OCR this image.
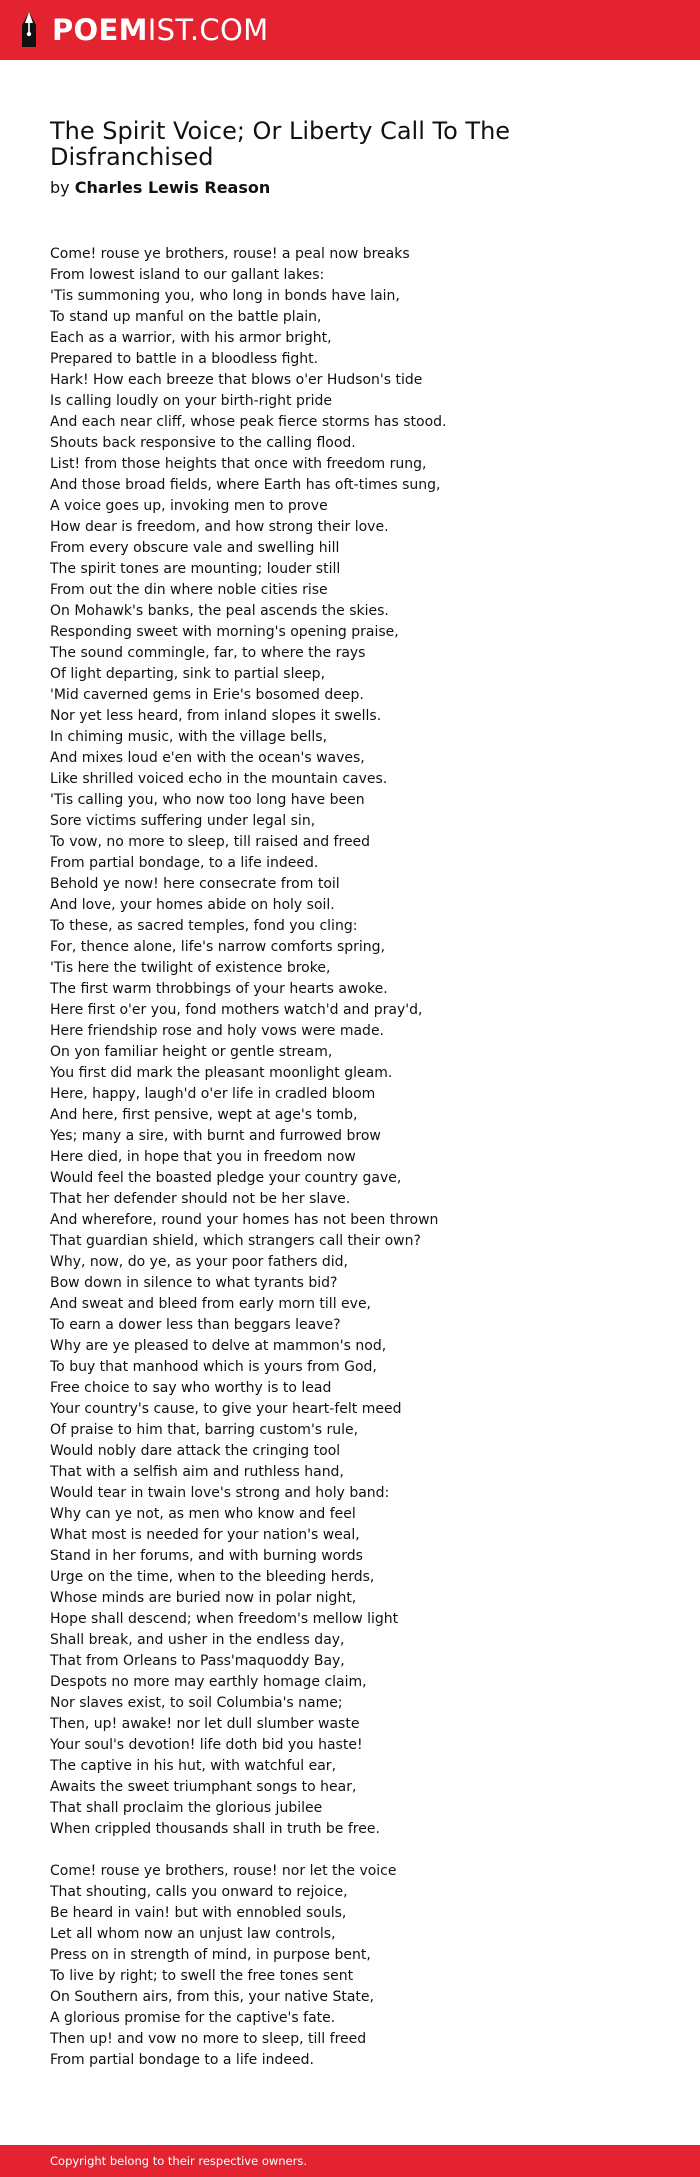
POEMIST.COM
The Spirit Voice; Or Liberty Call To The Disfranchised
by Charles Lewis Reason

Come! rouse ye brothers, rouse! a peal now breaks
From lowest island to our gallant lakes:
'Tis summoning you, who long in bonds have lain,
To stand up manful on the battle plain,
Each as a warrior, with his armor bright,
Prepared to battle in a bloodless fight.
Hark! How each breeze that blows o'er Hudson's tide
Is calling loudly on your birth-right pride
And each near cliff, whose peak fierce storms has stood.
Shouts back responsive to the calling flood.
List! from those heights that once with freedom rung,
And those broad fields, where Earth has oft-times sung,
A voice goes up, invoking men to prove
How dear is freedom, and how strong their love.
From every obscure vale and swelling hill
The spirit tones are mounting; louder still
From out the din where noble cities rise
On Mohawk's banks, the peal ascends the skies.
Responding sweet with morning's opening praise,
The sound commingle, far, to where the rays
Of light departing, sink to partial sleep,
'Mid caverned gems in Erie's bosomed deep.
Nor yet less heard, from inland slopes it swells.
In chiming music, with the village bells,
And mixes loud e'en with the ocean's waves,
Like shrilled voiced echo in the mountain caves.
'Tis calling you, who now too long have been
Sore victims suffering under legal sin,
To vow, no more to sleep, till raised and freed
From partial bondage, to a life indeed.
Behold ye now! here consecrate from toil
And love, your homes abide on holy soil.
To these, as sacred temples, fond you cling:
For, thence alone, life's narrow comforts spring,
'Tis here the twilight of existence broke,
The first warm throbbings of your hearts awoke.
Here first o'er you, fond mothers watch'd and pray'd,
Here friendship rose and holy vows were made.
On yon familiar height or gentle stream,
You first did mark the pleasant moonlight gleam.
Here, happy, laugh'd o'er life in cradled bloom
And here, first pensive, wept at age's tomb,
Yes; many a sire, with burnt and furrowed brow
Here died, in hope that you in freedom now
Would feel the boasted pledge your country gave,
That her defender should not be her slave.
And wherefore, round your homes has not been thrown
That guardian shield, which strangers call their own?
Why, now, do ye, as your poor fathers did,
Bow down in silence to what tyrants bid?
And sweat and bleed from early morn till eve,
To earn a dower less than beggars leave?
Why are ye pleased to delve at mammon's nod,
To buy that manhood which is yours from God,
Free choice to say who worthy is to lead
Your country's cause, to give your heart-felt meed
Of praise to him that, barring custom's rule,
Would nobly dare attack the cringing tool
That with a selfish aim and ruthless hand,
Would tear in twain love's strong and holy band:
Why can ye not, as men who know and feel
What most is needed for your nation's weal,
Stand in her forums, and with burning words
Urge on the time, when to the bleeding herds,
Whose minds are buried now in polar night,
Hope shall descend; when freedom's mellow light
Shall break, and usher in the endless day,
That from Orleans to Pass'maquoddy Bay,
Despots no more may earthly homage claim,
Nor slaves exist, to soil Columbia's name;
Then, up! awake! nor let dull slumber waste
Your soul's devotion! life doth bid you haste!
The captive in his hut, with watchful ear,
Awaits the sweet triumphant songs to hear,
That shall proclaim the glorious jubilee
When crippled thousands shall in truth be free.

Come! rouse ye brothers, rouse! nor let the voice
That shouting, calls you onward to rejoice,
Be heard in vain! but with ennobled souls,
Let all whom now an unjust law controls,
Press on in strength of mind, in purpose bent,
To live by right; to swell the free tones sent
On Southern airs, from this, your native State,
A glorious promise for the captive's fate.
Then up! and vow no more to sleep, till freed
From partial bondage to a life indeed.

Copyright belong to their respective owners.
